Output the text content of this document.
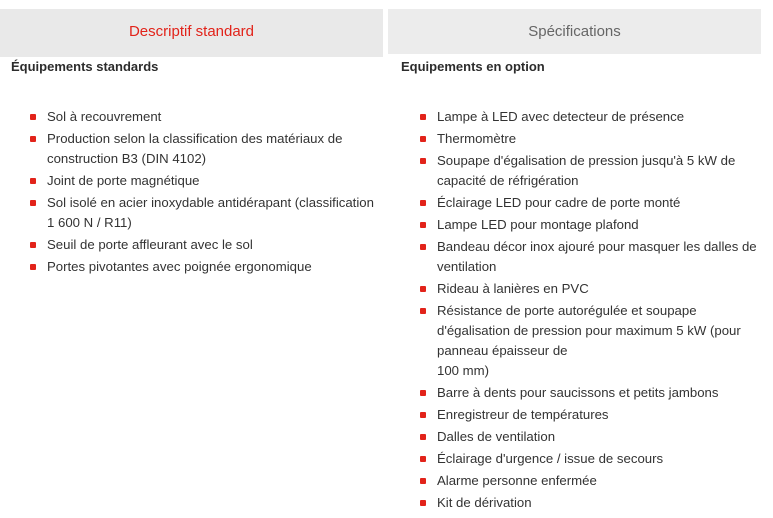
Descriptif standard	Spécifications
Équipements standards
Sol à recouvrement
Production selon la classification des matériaux de construction B3 (DIN 4102)
Joint de porte magnétique
Sol isolé en acier inoxydable antidérapant (classification 1 600 N / R11)
Seuil de porte affleurant avec le sol
Portes pivotantes avec poignée ergonomique
Equipements en option
Lampe à LED avec detecteur de présence
Thermomètre
Soupape d'égalisation de pression jusqu'à 5 kW de capacité de réfrigération
Éclairage LED pour cadre de porte monté
Lampe LED pour montage plafond
Bandeau décor inox ajouré pour masquer les dalles de ventilation
Rideau à lanières en PVC
Résistance de porte autorégulée et soupape d'égalisation de pression pour maximum 5 kW (pour panneau épaisseur de
100 mm)
Barre à dents pour saucissons et petits jambons
Enregistreur de températures
Dalles de ventilation
Éclairage d'urgence / issue de secours
Alarme personne enfermée
Kit de dérivation
